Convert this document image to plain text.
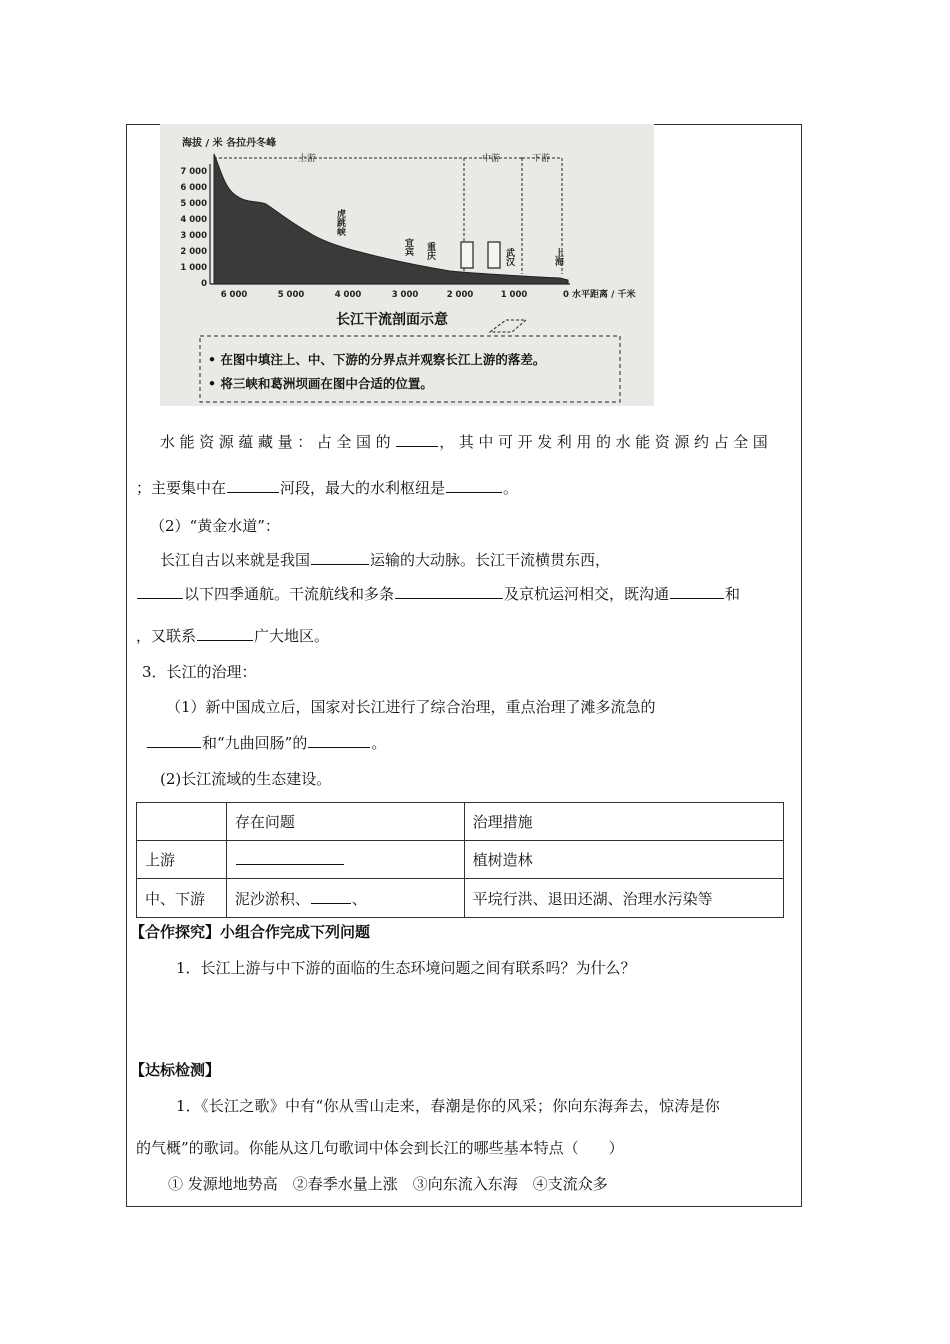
海拔 / 米 各拉丹冬峰
7 000
6 000
5 000
4 000
3 000
2 000
1 000
0
上游	中游	下游
6 000	5 000	4 000	3 000	2 000	1 000	0 水平距离 / 千米
虎跳峡
宜宾 重庆	武汉	上海
长江干流剖面示意
• 在图中填注上、中、下游的分界点并观察长江上游的落差。
• 将三峡和葛洲坝画在图中合适的位置。
水能资源蕴藏量：占全国的	，其中可开发利用的水能资源约占全国
；主要集中在	河段，最大的水利枢纽是	。
（2）“黄金水道”：
长江自古以来就是我国	运输的大动脉。长江干流横贯东西，
以下四季通航。干流航线和多条	及京杭运河相交，既沟通	和
，又联系	广大地区。
3．长江的治理：
（1）新中国成立后，国家对长江进行了综合治理，重点治理了滩多流急的
和“九曲回肠”的	。
(2)长江流域的生态建设。
	存在问题	治理措施
上游		植树造林
中、下游	泥沙淤积、 、	平垸行洪、退田还湖、治理水污染等
【合作探究】小组合作完成下列问题
1．长江上游与中下游的面临的生态环境问题之间有联系吗？为什么？
【达标检测】
1．《长江之歌》中有“你从雪山走来，春潮是你的风采；你向东海奔去，惊涛是你
的气概”的歌词。你能从这几句歌词中体会到长江的哪些基本特点（　　）
① 发源地地势高　②春季水量上涨　③向东流入东海　④支流众多
